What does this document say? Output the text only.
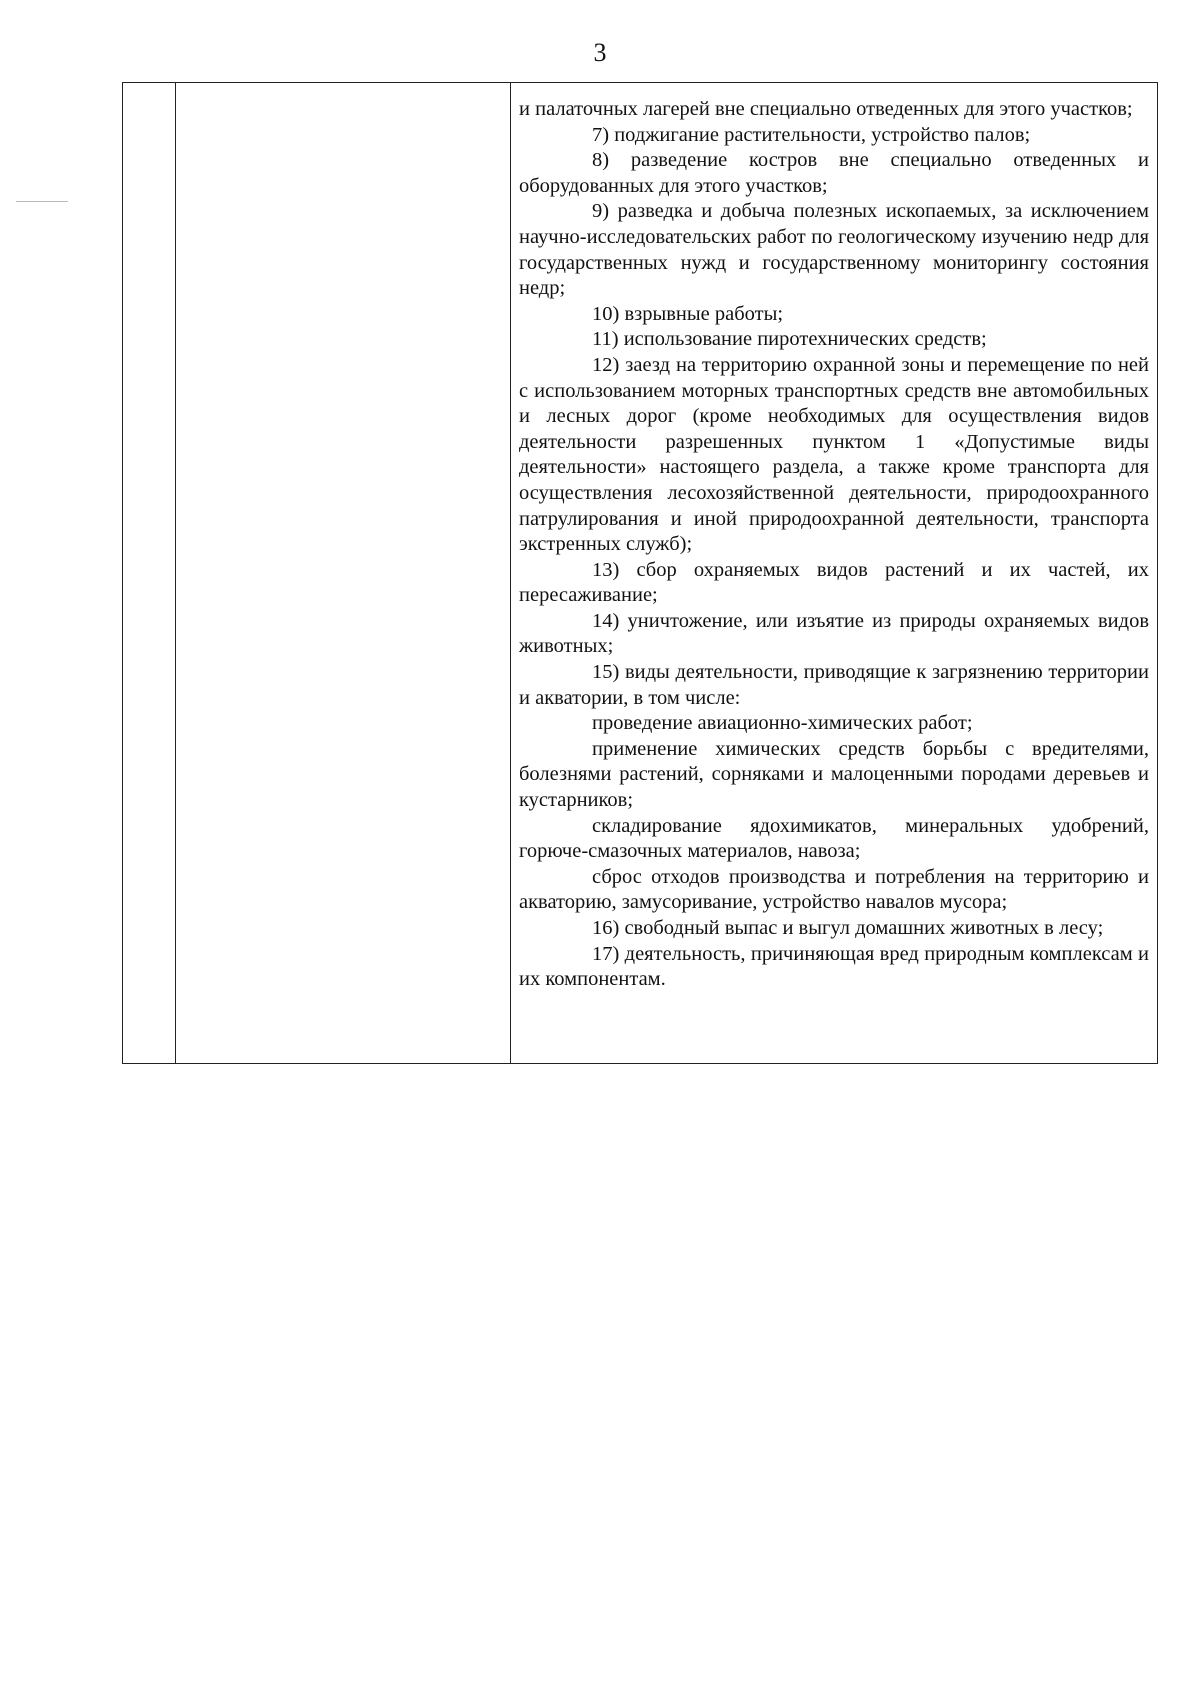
3

и палаточных лагерей вне специально отведенных для этого участков;

7) поджигание растительности, устройство палов;

8) разведение костров вне специально отведенных и оборудованных для этого участков;

9) разведка и добыча полезных ископаемых, за исключением научно-исследовательских работ по геологическому изучению недр для государственных нужд и государственному мониторингу состояния недр;

10) взрывные работы;

11) использование пиротехнических средств;

12) заезд на территорию охранной зоны и перемещение по ней с использованием моторных транспортных средств вне автомобильных и лесных дорог (кроме необходимых для осуществления видов деятельности разрешенных пунктом 1 «Допустимые виды деятельности» настоящего раздела, а также кроме транспорта для осуществления лесохозяйственной деятельности, природоохранного патрулирования и иной природоохранной деятельности, транспорта экстренных служб);

13) сбор охраняемых видов растений и их частей, их пересаживание;

14) уничтожение, или изъятие из природы охраняемых видов животных;

15) виды деятельности, приводящие к загрязнению территории и акватории, в том числе:

проведение авиационно-химических работ;

применение химических средств борьбы с вредителями, болезнями растений, сорняками и малоценными породами деревьев и кустарников;

складирование ядохимикатов, минеральных удобрений, горюче-смазочных материалов, навоза;

сброс отходов производства и потребления на территорию и акваторию, замусоривание, устройство навалов мусора;

16) свободный выпас и выгул домашних животных в лесу;

17) деятельность, причиняющая вред природным комплексам и их компонентам.
